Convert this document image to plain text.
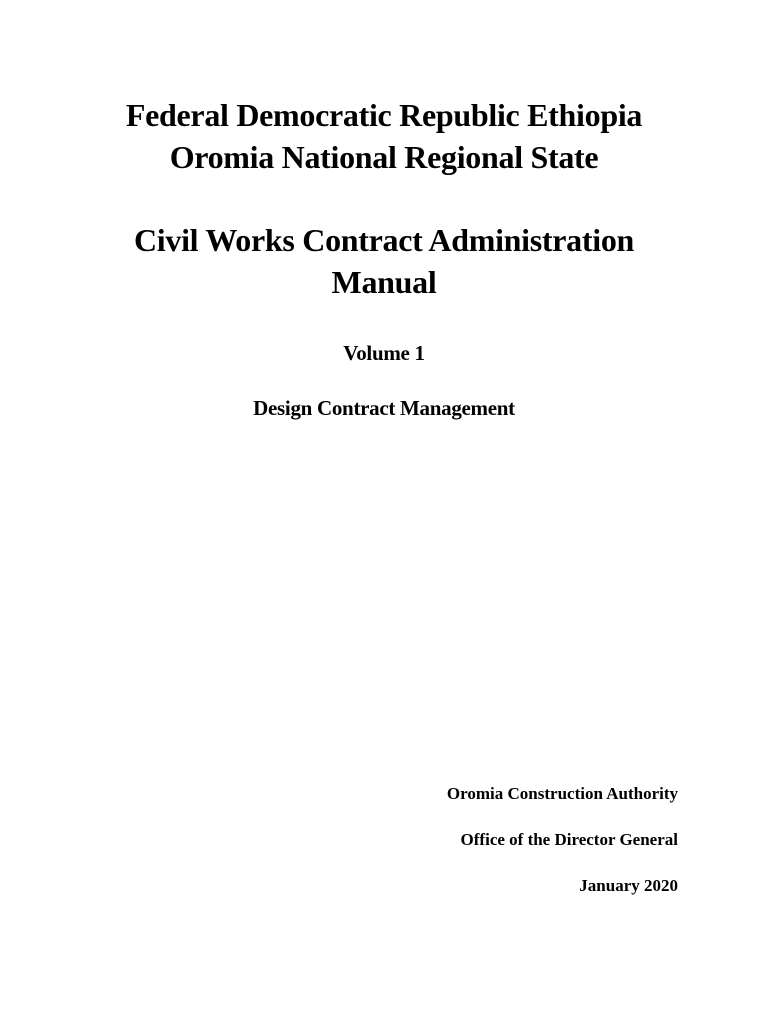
Federal Democratic Republic Ethiopia
Oromia National Regional State
Civil Works Contract Administration
Manual
Volume 1
Design Contract Management
Oromia Construction Authority
Office of the Director General
January 2020
